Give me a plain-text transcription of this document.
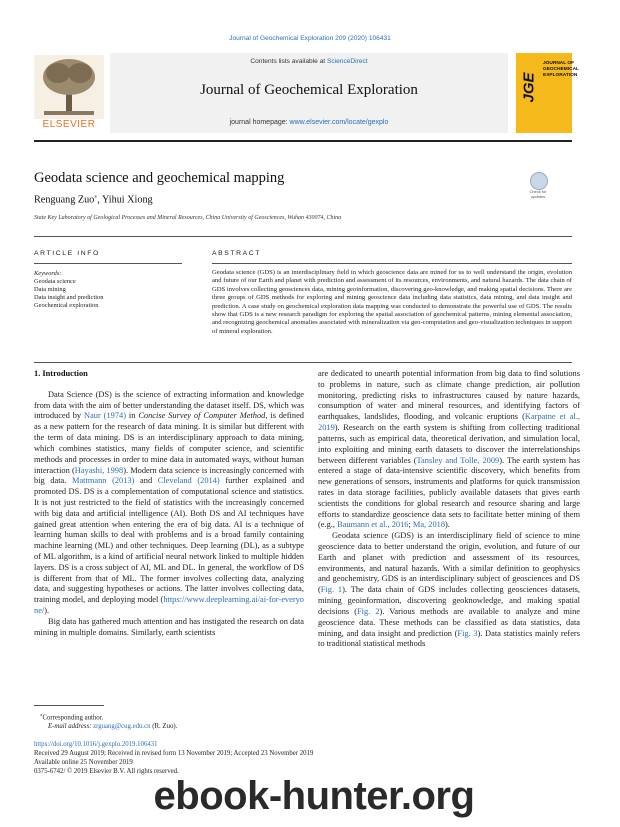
Journal of Geochemical Exploration 209 (2020) 106431
ELSEVIER
Contents lists available at ScienceDirect
Journal of Geochemical Exploration
journal homepage: www.elsevier.com/locate/gexplo
JGE
JOURNAL OF GEOCHEMICAL EXPLORATION
Geodata science and geochemical mapping
Check for updates
Renguang Zuo⁎, Yihui Xiong
State Key Laboratory of Geological Processes and Mineral Resources, China University of Geosciences, Wuhan 430074, China
ARTICLE INFO
Keywords:
Geodata science
Data mining
Data insight and prediction
Geochemical exploration
ABSTRACT
Geodata science (GDS) is an interdisciplinary field in which geoscience data are mined for us to well understand the origin, evolution and future of our Earth and planet with prediction and assessment of its resources, environments, and natural hazards. The data chain of GDS involves collecting geosciences data, mining geoinformation, discovering geo-knowledge, and making spatial decisions. There are three groups of GDS methods for exploring and mining geoscience data including data statistics, data mining, and data insight and prediction. A case study on geochemical exploration data mapping was conducted to demonstrate the powerful use of GDS. The results show that GDS is a new research paradigm for exploring the spatial association of geochemical patterns, mining elemental association, and recognizing geochemical anomalies associated with mineralization via geo-computation and geo-visualization techniques in support of mineral exploration.
1. Introduction

Data Science (DS) is the science of extracting information and knowledge from data with the aim of better understanding the dataset itself. DS, which was introduced by Naur (1974) in Concise Survey of Computer Method, is defined as a new pattern for the research of data mining. It is similar but different with the term of data mining. DS is an interdisciplinary approach to data mining, which combines statistics, many fields of computer science, and scientific methods and processes in order to mine data in automated ways, without human interaction (Hayashi, 1998). Modern data science is increasingly concerned with big data. Mattmann (2013) and Cleveland (2014) further explained and promoted DS. DS is a complementation of computational science and statistics. It is not just restricted to the field of statistics with the increasingly concerned with big data and artificial intelligence (AI). Both DS and AI techniques have gained great attention when entering the era of big data. AI is a technique of learning human skills to deal with problems and is a broad family containing machine learning (ML) and other techniques. Deep learning (DL), as a subtype of ML algorithm, is a kind of artificial neural network linked to multiple hidden layers. DS is a cross subject of AI, ML and DL. In general, the workflow of DS is different from that of ML. The former involves collecting data, analyzing data, and suggesting hypotheses or actions. The latter involves collecting data, training model, and deploying model (https://www.deeplearning.ai/ai-for-everyone/).

Big data has gathered much attention and has instigated the research on data mining in multiple domains. Similarly, earth scientists

are dedicated to unearth potential information from big data to find solutions to problems in nature, such as climate change prediction, air pollution monitoring, predicting risks to infrastructures caused by nature hazards, consumption of water and mineral resources, and identifying factors of earthquakes, landslides, flooding, and volcanic eruptions (Karpatne et al., 2019). Research on the earth system is shifting from collecting traditional patterns, such as empirical data, theoretical derivation, and simulation local, into exploiting and mining earth datasets to discover the interrelationships between different variables (Tansley and Tolle, 2009). The earth system has entered a stage of data-intensive scientific discovery, which benefits from new generations of sensors, instruments and platforms for quick transmission rates in data storage facilities, publicly available datasets that gives earth scientists the conditions for global research and resource sharing and large efforts to standardize geoscience data sets to facilitate better mining of them (e.g., Baumann et al., 2016; Ma, 2018).

Geodata science (GDS) is an interdisciplinary field of science to mine geoscience data to better understand the origin, evolution, and future of our Earth and planet with prediction and assessment of its resources, environments, and natural hazards. With a similar definition to geophysics and geochemistry, GDS is an interdisciplinary subject of geosciences and DS (Fig. 1). The data chain of GDS includes collecting geosciences datasets, mining geoinformation, discovering geoknowledge, and making spatial decisions (Fig. 2). Various methods are available to analyze and mine geoscience data. These methods can be classified as data statistics, data mining, and data insight and prediction (Fig. 3). Data statistics mainly refers to traditional statistical methods

⁎Corresponding author.
E-mail address: zrguang@cug.edu.cn (R. Zuo).
https://doi.org/10.1016/j.gexplo.2019.106431
Received 29 August 2019; Received in revised form 13 November 2019; Accepted 23 November 2019
Available online 25 November 2019
0375-6742/ © 2019 Elsevier B.V. All rights reserved.
ebook-hunter.org
